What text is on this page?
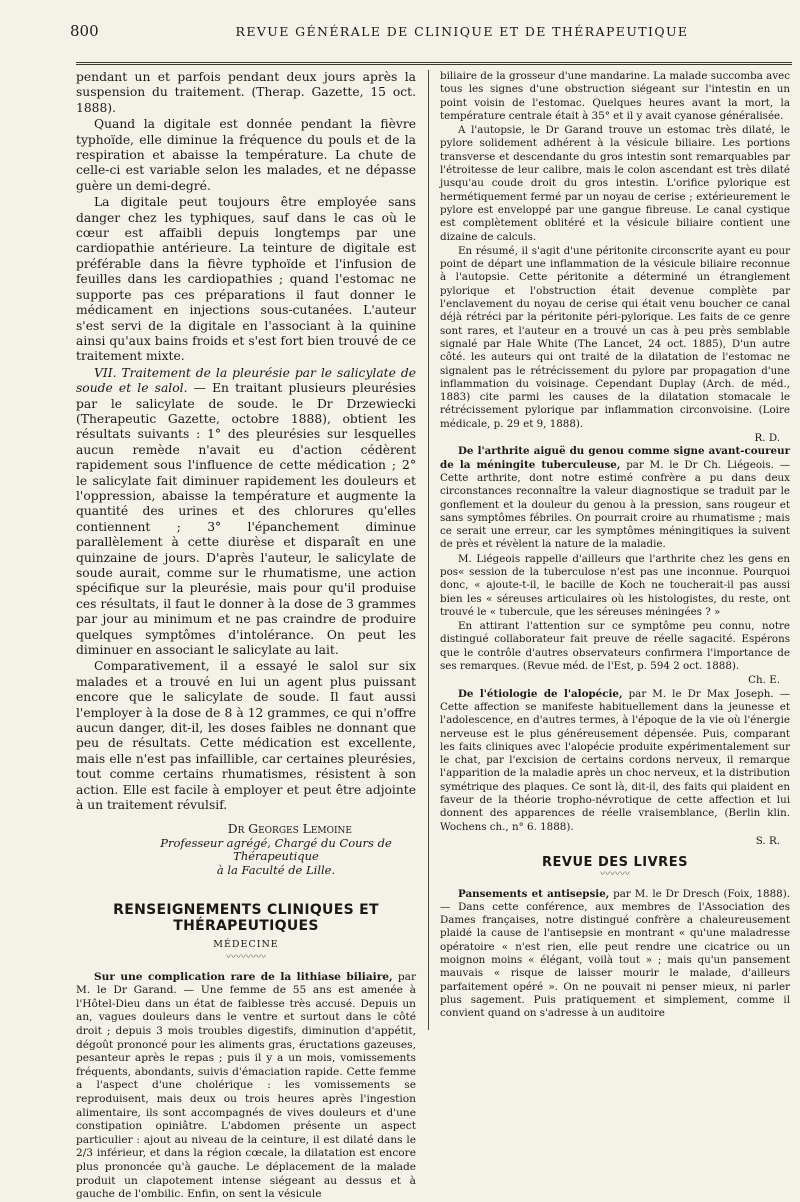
800	REVUE GÉNÉRALE DE CLINIQUE ET DE THÉRAPEUTIQUE

pendant un et parfois pendant deux jours après la suspension du traitement. (Therap. Gazette, 15 oct. 1888).

Quand la digitale est donnée pendant la fièvre typhoïde, elle diminue la fréquence du pouls et de la respiration et abaisse la température. La chute de celle-ci est variable selon les malades, et ne dépasse guère un demi-degré.

La digitale peut toujours être employée sans danger chez les typhiques, sauf dans le cas où le cœur est affaibli depuis longtemps par une cardiopathie antérieure. La teinture de digitale est préférable dans la fièvre typhoïde et l'infusion de feuilles dans les cardiopathies ; quand l'estomac ne supporte pas ces préparations il faut donner le médicament en injections sous-cutanées. L'auteur s'est servi de la digitale en l'associant à la quinine ainsi qu'aux bains froids et s'est fort bien trouvé de ce traitement mixte.

VII. Traitement de la pleurésie par le salicylate de soude et le salol. — En traitant plusieurs pleurésies par le salicylate de soude. le Dr Drzewiecki (Therapeutic Gazette, octobre 1888), obtient les résultats suivants : 1° des pleurésies sur lesquelles aucun remède n'avait eu d'action cédèrent rapidement sous l'influence de cette médication ; 2° le salicylate fait diminuer rapidement les douleurs et l'oppression, abaisse la température et augmente la quantité des urines et des chlorures qu'elles contiennent ; 3° l'épanchement diminue parallèlement à cette diurèse et disparaît en une quinzaine de jours. D'après l'auteur, le salicylate de soude aurait, comme sur le rhumatisme, une action spécifique sur la pleurésie, mais pour qu'il produise ces résultats, il faut le donner à la dose de 3 grammes par jour au minimum et ne pas craindre de produire quelques symptômes d'intolérance. On peut les diminuer en associant le salicylate au lait.

Comparativement, il a essayé le salol sur six malades et a trouvé en lui un agent plus puissant encore que le salicylate de soude. Il faut aussi l'employer à la dose de 8 à 12 grammes, ce qui n'offre aucun danger, dit-il, les doses faibles ne donnant que peu de résultats. Cette médication est excellente, mais elle n'est pas infaillible, car certaines pleurésies, tout comme certains rhumatismes, résistent à son action. Elle est facile à employer et peut être adjointe à un traitement révulsif.

Dr Georges Lemoine
Professeur agrégé, Chargé du Cours de Thérapeutique
à la Faculté de Lille.
RENSEIGNEMENTS CLINIQUES ET THÉRAPEUTIQUES
MÉDECINE
〰〰〰〰

Sur une complication rare de la lithiase biliaire, par M. le Dr Garand. — Une femme de 55 ans est amenée à l'Hôtel-Dieu dans un état de faiblesse très accusé. Depuis un an, vagues douleurs dans le ventre et surtout dans le côté droit ; depuis 3 mois troubles digestifs, diminution d'appétit, dégoût prononcé pour les aliments gras, éructations gazeuses, pesanteur après le repas ; puis il y a un mois, vomissements fréquents, abondants, suivis d'émaciation rapide. Cette femme a l'aspect d'une cholérique : les vomissements se reproduisent, mais deux ou trois heures après l'ingestion alimentaire, ils sont accompagnés de vives douleurs et d'une constipation opiniâtre. L'abdomen présente un aspect particulier : ajout au niveau de la ceinture, il est dilaté dans le 2/3 inférieur, et dans la région cœcale, la dilatation est encore plus prononcée qu'à gauche. Le déplacement de la malade produit un clapotement intense siégeant au dessus et à gauche de l'ombilic. Enfin, on sent la vésicule

biliaire de la grosseur d'une mandarine. La malade succomba avec tous les signes d'une obstruction siégeant sur l'intestin en un point voisin de l'estomac. Quelques heures avant la mort, la température centrale était à 35° et il y avait cyanose généralisée.

A l'autopsie, le Dr Garand trouve un estomac très dilaté, le pylore solidement adhérent à la vésicule biliaire. Les portions transverse et descendante du gros intestin sont remarquables par l'étroitesse de leur calibre, mais le colon ascendant est très dilaté jusqu'au coude droit du gros intestin. L'orifice pylorique est hermétiquement fermé par un noyau de cerise ; extérieurement le pylore est enveloppé par une gangue fibreuse. Le canal cystique est complètement oblitéré et la vésicule biliaire contient une dizaine de calculs.

En résumé, il s'agit d'une péritonite circonscrite ayant eu pour point de départ une inflammation de la vésicule biliaire reconnue à l'autopsie. Cette péritonite a déterminé un étranglement pylorique et l'obstruction était devenue complète par l'enclavement du noyau de cerise qui était venu boucher ce canal déjà rétréci par la péritonite péri-pylorique. Les faits de ce genre sont rares, et l'auteur en a trouvé un cas à peu près semblable signalé par Hale White (The Lancet, 24 oct. 1885), D'un autre côté. les auteurs qui ont traité de la dilatation de l'estomac ne signalent pas le rétrécissement du pylore par propagation d'une inflammation du voisinage. Cependant Duplay (Arch. de méd., 1883) cite parmi les causes de la dilatation stomacale le rétrécissement pylorique par inflammation circonvoisine. (Loire médicale, p. 29 et 9, 1888).

R. D.

De l'arthrite aiguë du genou comme signe avant-coureur de la méningite tuberculeuse, par M. le Dr Ch. Liégeois. — Cette arthrite, dont notre estimé confrère a pu dans deux circonstances reconnaître la valeur diagnostique se traduit par le gonflement et la douleur du genou à la pression, sans rougeur et sans symptômes fébriles. On pourrait croire au rhumatisme ; mais ce serait une erreur, car les symptômes méningitiques la suivent de près et révèlent la nature de la maladie.

M. Liégeois rappelle d'ailleurs que l'arthrite chez les gens en pos« session de la tuberculose n'est pas une inconnue. Pourquoi donc, « ajoute-t-il, le bacille de Koch ne toucherait-il pas aussi bien les « séreuses articulaires où les histologistes, du reste, ont trouvé le « tubercule, que les séreuses méningées ? »

En attirant l'attention sur ce symptôme peu connu, notre distingué collaborateur fait preuve de réelle sagacité. Espérons que le contrôle d'autres observateurs confirmera l'importance de ses remarques. (Revue méd. de l'Est, p. 594 2 oct. 1888).

Ch. E.

De l'étiologie de l'alopécie, par M. le Dr Max Joseph. — Cette affection se manifeste habituellement dans la jeunesse et l'adolescence, en d'autres termes, à l'époque de la vie où l'énergie nerveuse est le plus généreusement dépensée. Puis, comparant les faits cliniques avec l'alopécie produite expérimentalement sur le chat, par l'excision de certains cordons nerveux, il remarque l'apparition de la maladie après un choc nerveux, et la distribution symétrique des plaques. Ce sont là, dit-il, des faits qui plaident en faveur de la théorie tropho-névrotique de cette affection et lui donnent des apparences de réelle vraisemblance, (Berlin klin. Wochens ch., n° 6. 1888).

S. R.
REVUE DES LIVRES
〰〰〰

Pansements et antisepsie, par M. le Dr Dresch (Foix, 1888). — Dans cette conférence, aux membres de l'Association des Dames françaises, notre distingué confrère a chaleureusement plaidé la cause de l'antisepsie en montrant « qu'une maladresse opératoire « n'est rien, elle peut rendre une cicatrice ou un moignon moins « élégant, voilà tout » ; mais qu'un pansement mauvais « risque de laisser mourir le malade, d'ailleurs parfaitement opéré ». On ne pouvait ni penser mieux, ni parler plus sagement. Puis pratiquement et simplement, comme il convient quand on s'adresse à un auditoire
